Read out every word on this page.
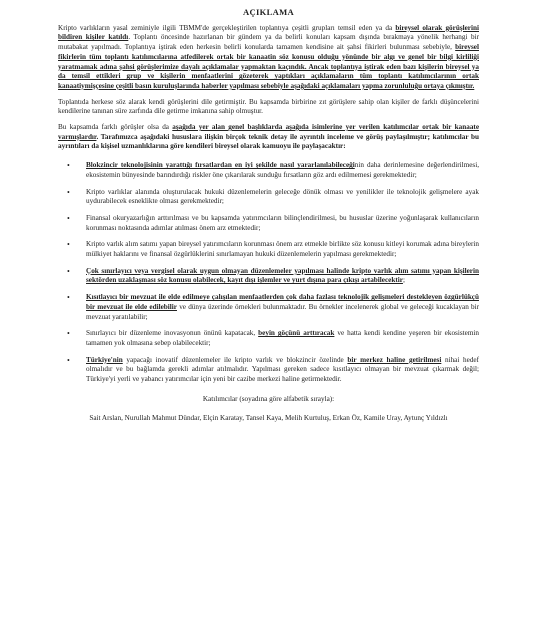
AÇIKLAMA

Kripto varlıkların yasal zeminiyle ilgili TBMM'de gerçekleştirilen toplantıya çeşitli grupları temsil eden ya da bireysel olarak görüşlerini bildiren kişiler katıldı. Toplantı öncesinde hazırlanan bir gündem ya da belirli konuları kapsam dışında bırakmaya yönelik herhangi bir mutabakat yapılmadı. Toplantıya iştirak eden herkesin belirli konularda tamamen kendisine ait şahsi fikirleri bulunması sebebiyle, bireysel fikirlerin tüm toplantı katılımcılarına atfedilerek ortak bir kanaatin söz konusu olduğu yönünde bir algı ve genel bir bilgi kirliliği yaratmamak adına şahsi görüşlerimize dayalı açıklamalar yapmaktan kaçındık. Ancak toplantıya iştirak eden bazı kişilerin bireysel ya da temsil ettikleri grup ve kişilerin menfaatlerini gözeterek yaptıkları açıklamaların tüm toplantı katılımcılarının ortak kanaatiymişçesine çeşitli basın kuruluşlarında haberler yapılması sebebiyle aşağıdaki açıklamaları yapma zorunluluğu ortaya çıkmıştır.

Toplantıda herkese söz alarak kendi görüşlerini dile getirmiştir. Bu kapsamda birbirine zıt görüşlere sahip olan kişiler de farklı düşüncelerini kendilerine tanınan süre zarfında dile getirme imkanına sahip olmuştur.

Bu kapsamda farklı görüşler olsa da aşağıda yer alan genel başlıklarda aşağıda isimlerine yer verilen katılımcılar ortak bir kanaate varmışlardır. Tarafımızca aşağıdaki hususlara ilişkin birçok teknik detay ile ayrıntılı inceleme ve görüş paylaşılmıştır; katılımcılar bu ayrıntıları da kişisel uzmanlıklarına göre kendileri bireysel olarak kamuoyu ile paylaşacaktır:

• Blokzincir teknolojisinin yarattığı fırsatlardan en iyi şekilde nasıl yararlanılabileceğinin daha derinlemesine değerlendirilmesi, ekosistemin bünyesinde barındırdığı riskler öne çıkarılarak sunduğu fırsatların göz ardı edilmemesi gerekmektedir;
• Kripto varlıklar alanında oluşturulacak hukuki düzenlemelerin geleceğe dönük olması ve yenilikler ile teknolojik gelişmelere ayak uydurabilecek esneklikte olması gerekmektedir;
• Finansal okuryazarlığın arttırılması ve bu kapsamda yatırımcıların bilinçlendirilmesi, bu hususlar üzerine yoğunlaşarak kullanıcıların korunması noktasında adımlar atılması önem arz etmektedir;
• Kripto varlık alım satımı yapan bireysel yatırımcıların korunması önem arz etmekle birlikte söz konusu kitleyi korumak adına bireylerin mülkiyet haklarını ve finansal özgürlüklerini sınırlamayan hukuki düzenlemelerin yapılması gerekmektedir;
• Çok sınırlayıcı veya vergisel olarak uygun olmayan düzenlemeler yapılması halinde kripto varlık alım satımı yapan kişilerin sektörden uzaklaşması söz konusu olabilecek, kayıt dışı işlemler ve yurt dışına para çıkışı artabilecektir;
• Kısıtlayıcı bir mevzuat ile elde edilmeye çalışılan menfaatlerden çok daha fazlası teknolojik gelişmeleri destekleyen özgürlükçü bir mevzuat ile elde edilebilir ve dünya üzerinde örnekleri bulunmaktadır. Bu örnekler incelenerek global ve geleceği kucaklayan bir mevzuat yaratılabilir;
• Sınırlayıcı bir düzenleme inovasyonun önünü kapatacak, beyin göçünü arttıracak ve hatta kendi kendine yeşeren bir ekosistemin tamamen yok olmasına sebep olabilecektir;
• Türkiye'nin yapacağı inovatif düzenlemeler ile kripto varlık ve blokzincir özelinde bir merkez haline getirilmesi nihai hedef olmalıdır ve bu bağlamda gerekli adımlar atılmalıdır. Yapılması gereken sadece kısıtlayıcı olmayan bir mevzuat çıkarmak değil; Türkiye'yi yerli ve yabancı yatırımcılar için yeni bir cazibe merkezi haline getirmektedir.
Katılımcılar (soyadına göre alfabetik sırayla):
Sait Arslan, Nurullah Mahmut Dündar, Elçin Karatay, Tansel Kaya, Melih Kurtuluş, Erkan Öz, Kamile Uray, Aytunç Yıldızlı
